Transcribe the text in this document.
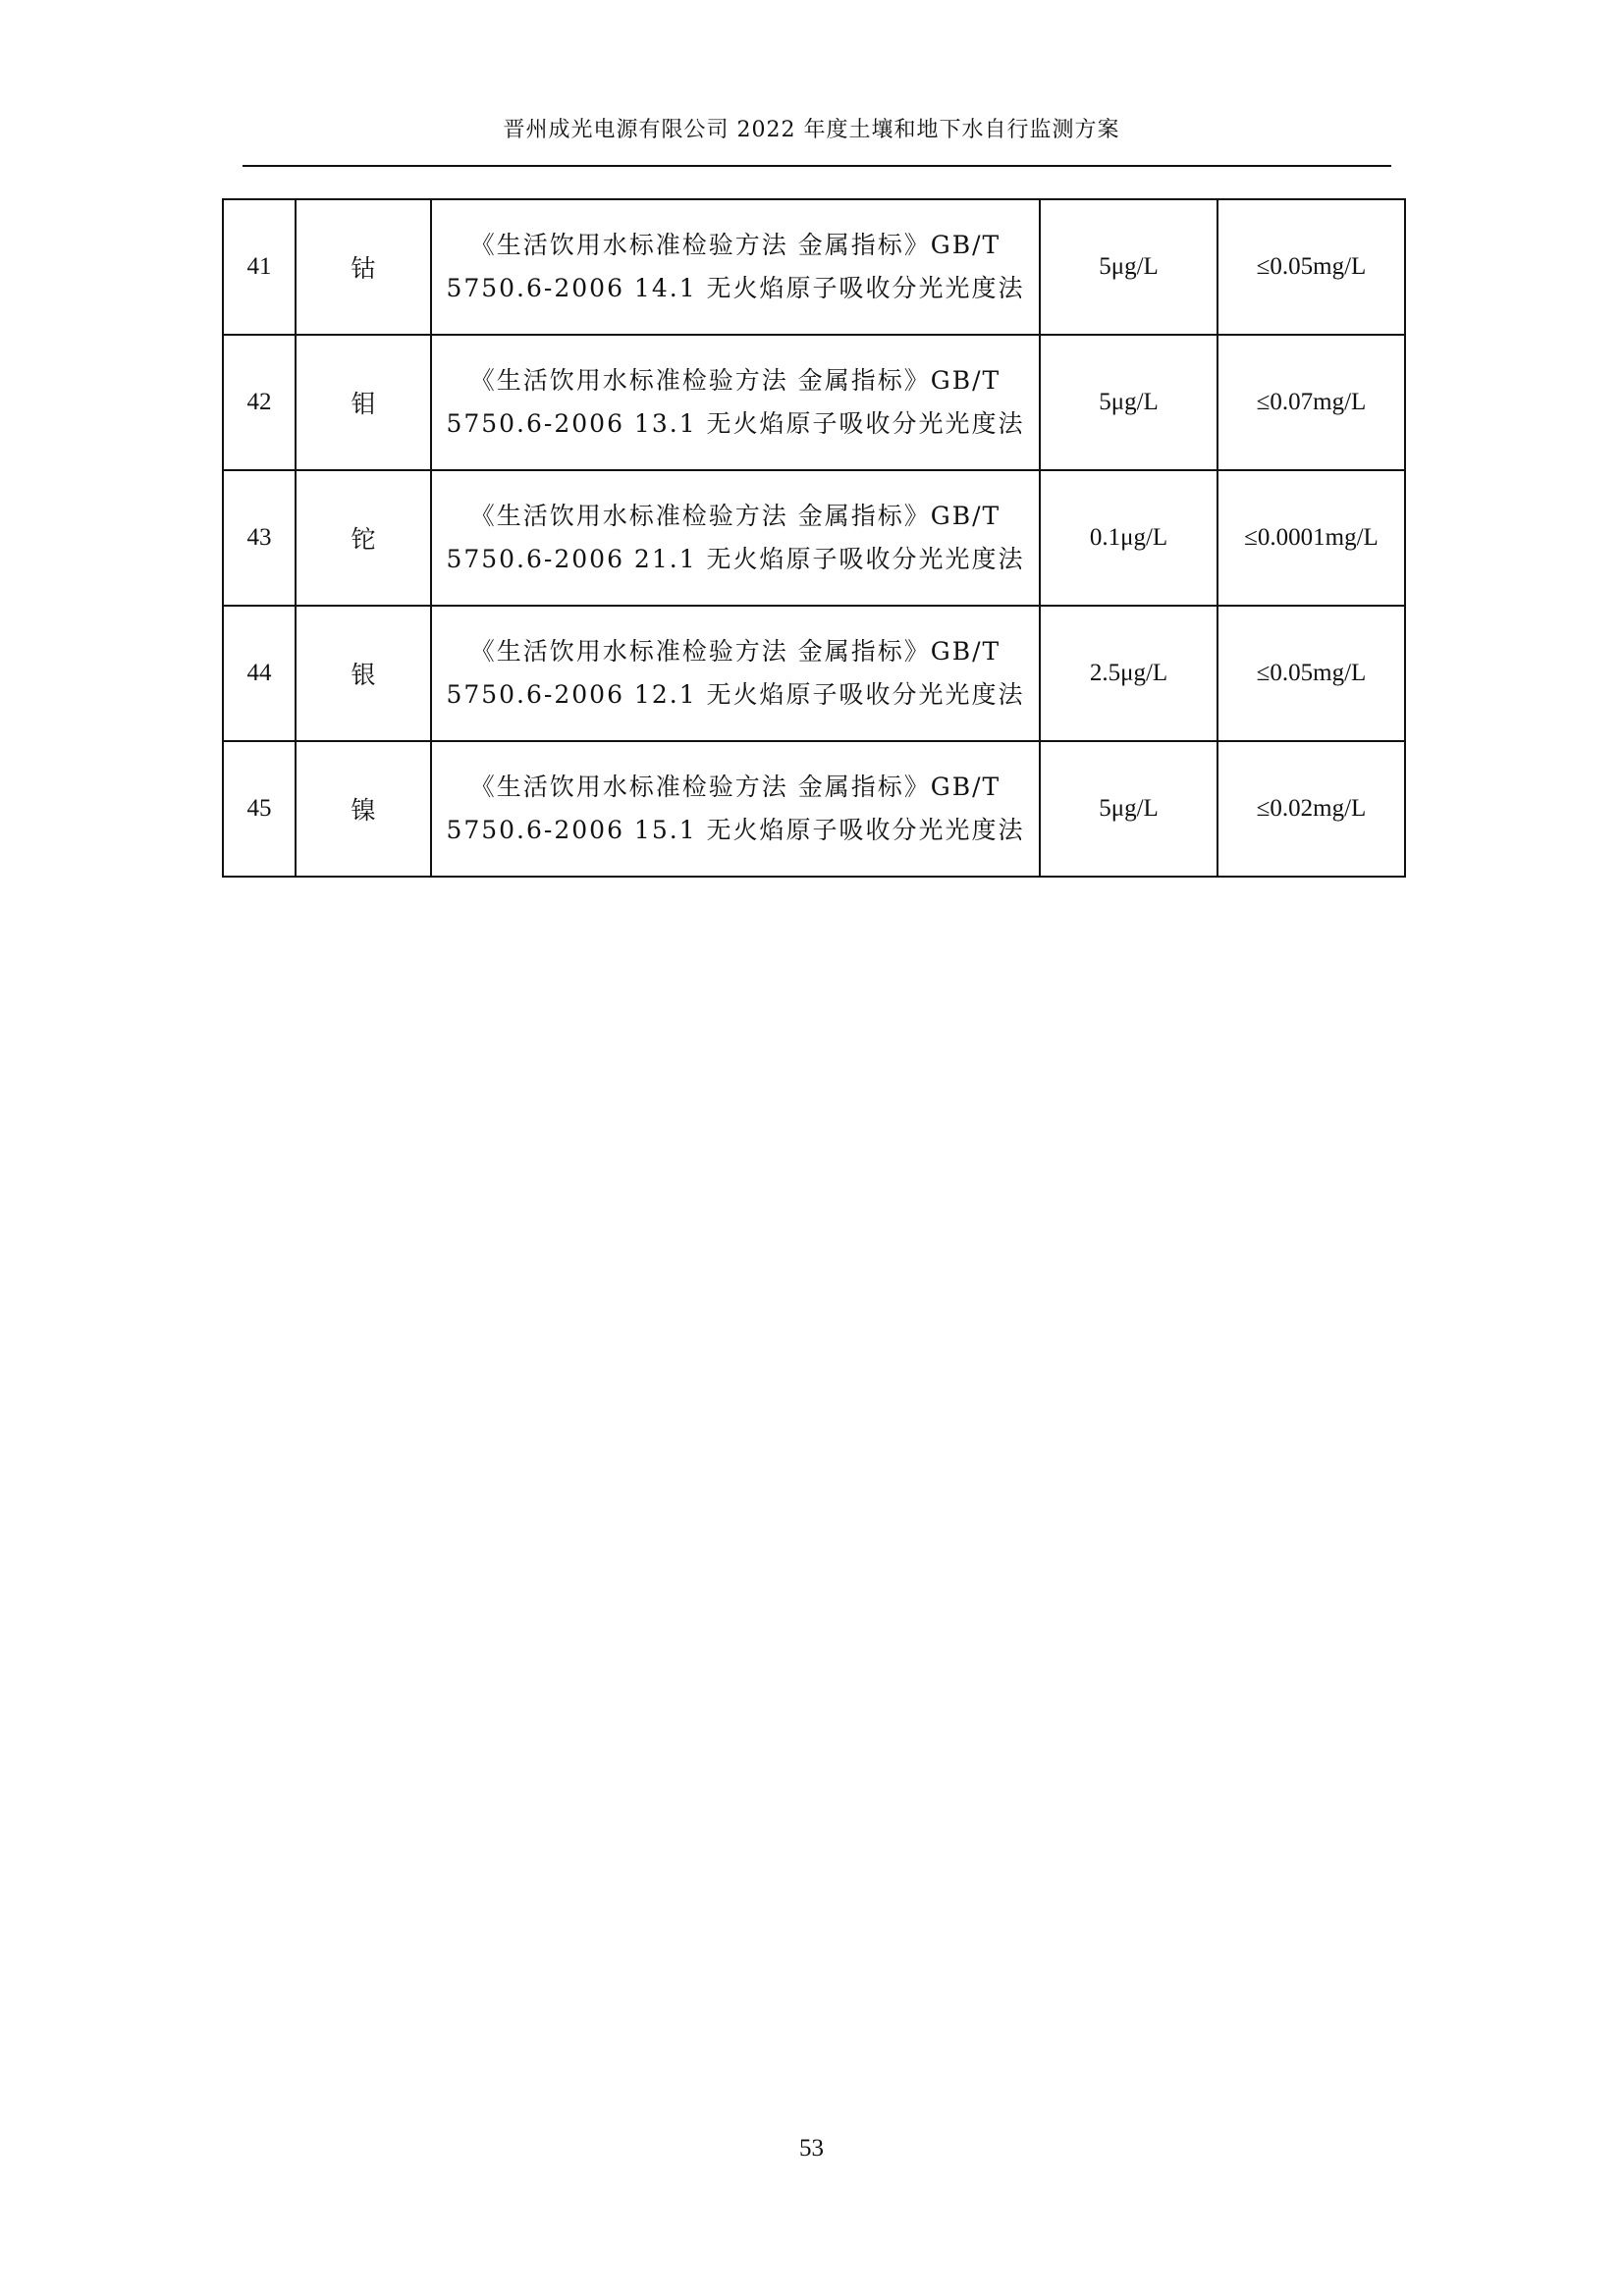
晋州成光电源有限公司 2022 年度土壤和地下水自行监测方案
41	钴	《生活饮用水标准检验方法 金属指标》GB/T
5750.6-2006 14.1 无火焰原子吸收分光光度法	5μg/L	≤0.05mg/L
42	钼	《生活饮用水标准检验方法 金属指标》GB/T
5750.6-2006 13.1 无火焰原子吸收分光光度法	5μg/L	≤0.07mg/L
43	铊	《生活饮用水标准检验方法 金属指标》GB/T
5750.6-2006 21.1 无火焰原子吸收分光光度法	0.1μg/L	≤0.0001mg/L
44	银	《生活饮用水标准检验方法 金属指标》GB/T
5750.6-2006 12.1 无火焰原子吸收分光光度法	2.5μg/L	≤0.05mg/L
45	镍	《生活饮用水标准检验方法 金属指标》GB/T
5750.6-2006 15.1 无火焰原子吸收分光光度法	5μg/L	≤0.02mg/L
53
